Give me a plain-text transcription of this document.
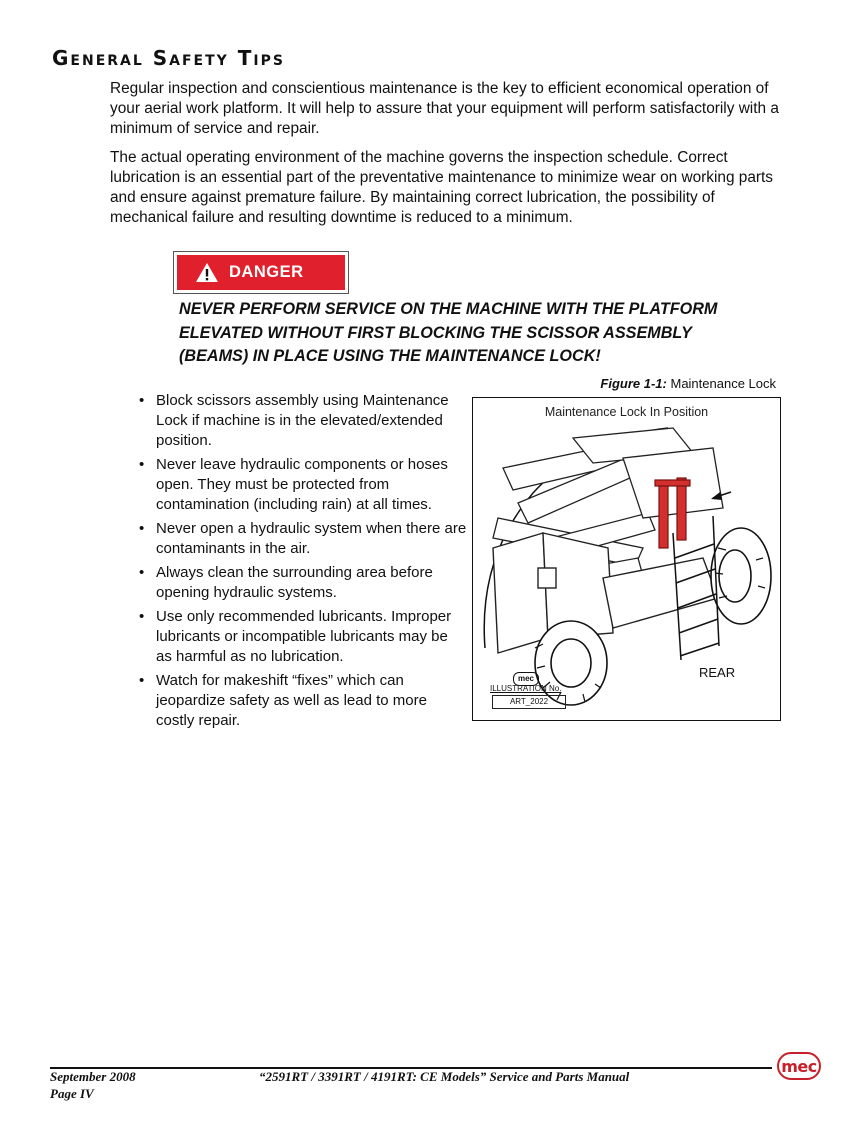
General Safety Tips

Regular inspection and conscientious maintenance is the key to efficient economical operation of your aerial work platform. It will help to assure that your equipment will perform satisfactorily with a minimum of service and repair.

The actual operating environment of the machine governs the inspection schedule. Correct lubrication is an essential part of the preventative maintenance to minimize wear on working parts and ensure against premature failure. By maintaining correct lubrication, the possibility of mechanical failure and resulting downtime is reduced to a minimum.

DANGER
NEVER PERFORM SERVICE ON THE MACHINE WITH THE PLATFORM
ELEVATED WITHOUT FIRST BLOCKING THE SCISSOR ASSEMBLY
(BEAMS) IN PLACE USING THE MAINTENANCE LOCK!
• Block scissors assembly using Maintenance Lock if machine is in the elevated/extended position.
• Never leave hydraulic components or hoses open. They must be protected from contamination (including rain) at all times.
• Never open a hydraulic system when there are contaminants in the air.
• Always clean the surrounding area before opening hydraulic systems.
• Use only recommended lubricants. Improper lubricants or incompatible lubricants may be as harmful as no lubrication.
• Watch for makeshift “fixes” which can jeopardize safety as well as lead to more costly repair.
Figure 1-1: Maintenance Lock
Maintenance Lock In Position
REAR
mec
ILLUSTRATION No.
ART_2022
September 2008
Page IV
“2591RT / 3391RT / 4191RT: CE Models” Service and Parts Manual
mec
